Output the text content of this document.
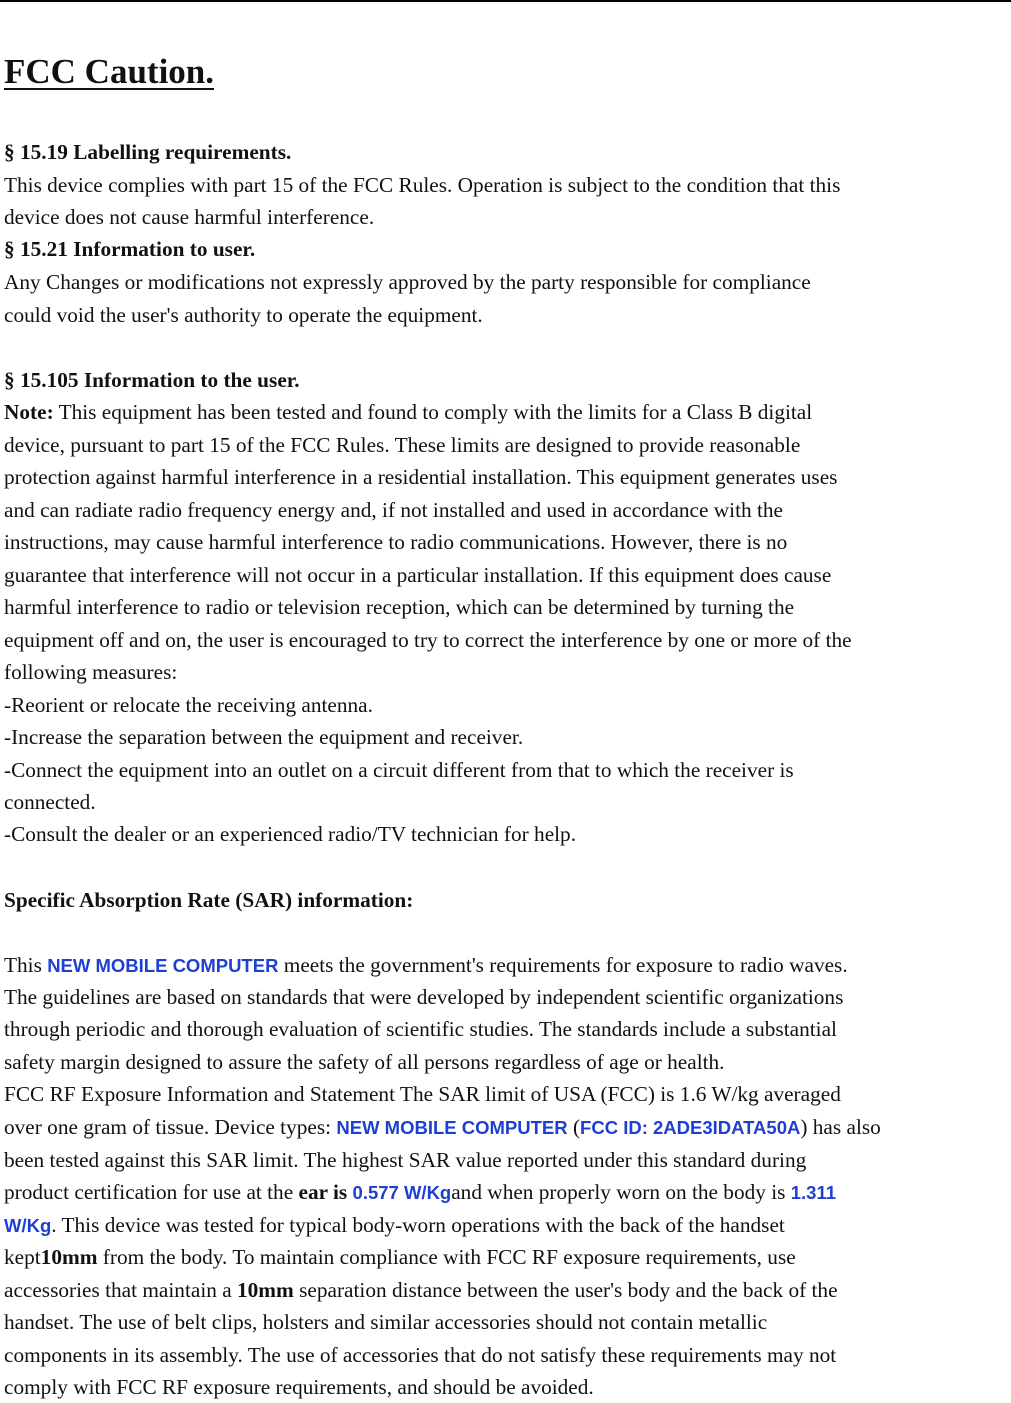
FCC Caution.
§ 15.19 Labelling requirements.
This device complies with part 15 of the FCC Rules. Operation is subject to the condition that this
device does not cause harmful interference.
§ 15.21 Information to user.
Any Changes or modifications not expressly approved by the party responsible for compliance
could void the user's authority to operate the equipment.
§ 15.105 Information to the user.
Note: This equipment has been tested and found to comply with the limits for a Class B digital
device, pursuant to part 15 of the FCC Rules. These limits are designed to provide reasonable
protection against harmful interference in a residential installation. This equipment generates uses
and can radiate radio frequency energy and, if not installed and used in accordance with the
instructions, may cause harmful interference to radio communications. However, there is no
guarantee that interference will not occur in a particular installation. If this equipment does cause
harmful interference to radio or television reception, which can be determined by turning the
equipment off and on, the user is encouraged to try to correct the interference by one or more of the
following measures:
-Reorient or relocate the receiving antenna.
-Increase the separation between the equipment and receiver.
-Connect the equipment into an outlet on a circuit different from that to which the receiver is
connected.
-Consult the dealer or an experienced radio/TV technician for help.
Specific Absorption Rate (SAR) information:
This NEW MOBILE COMPUTER meets the government's requirements for exposure to radio waves.
The guidelines are based on standards that were developed by independent scientific organizations
through periodic and thorough evaluation of scientific studies. The standards include a substantial
safety margin designed to assure the safety of all persons regardless of age or health.
FCC RF Exposure Information and Statement The SAR limit of USA (FCC) is 1.6 W/kg averaged
over one gram of tissue. Device types: NEW MOBILE COMPUTER (FCC ID: 2ADE3IDATA50A) has also
been tested against this SAR limit. The highest SAR value reported under this standard during
product certification for use at the ear is 0.577 W/Kgand when properly worn on the body is 1.311
W/Kg. This device was tested for typical body-worn operations with the back of the handset
kept10mm from the body. To maintain compliance with FCC RF exposure requirements, use
accessories that maintain a 10mm separation distance between the user's body and the back of the
handset. The use of belt clips, holsters and similar accessories should not contain metallic
components in its assembly. The use of accessories that do not satisfy these requirements may not
comply with FCC RF exposure requirements, and should be avoided.
